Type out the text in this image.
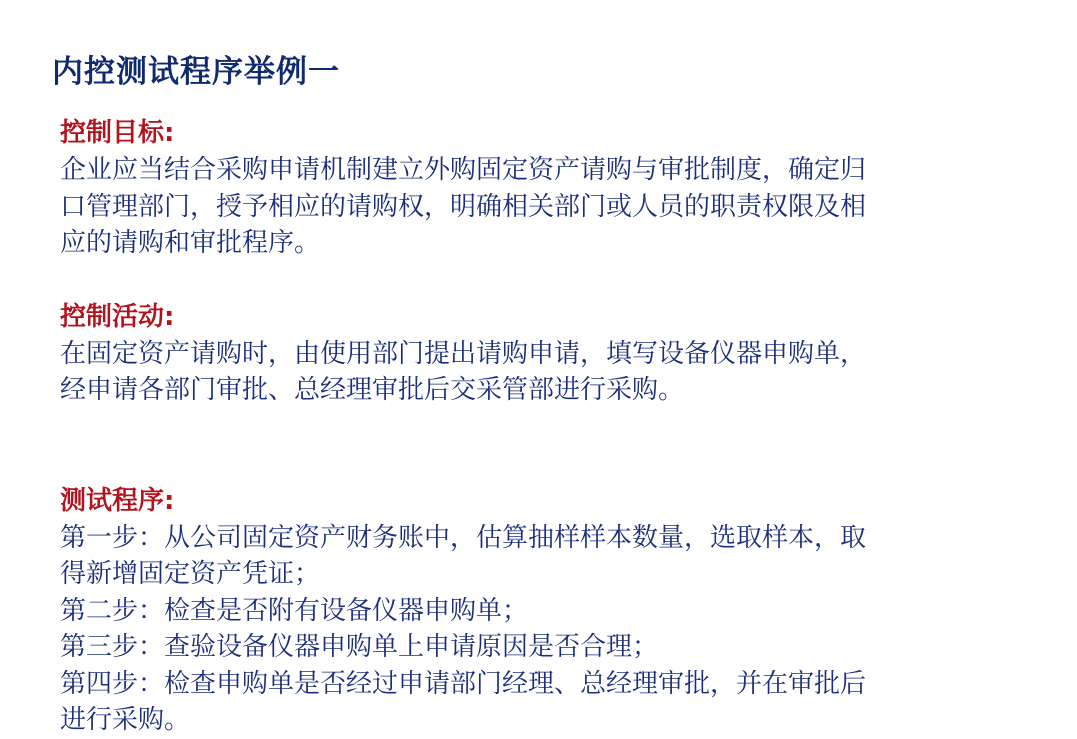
内控测试程序举例一
控制目标:
企业应当结合采购申请机制建立外购固定资产请购与审批制度，确定归
口管理部门，授予相应的请购权，明确相关部门或人员的职责权限及相
应的请购和审批程序。
控制活动:
在固定资产请购时，由使用部门提出请购申请，填写设备仪器申购单，
经申请各部门审批、总经理审批后交采管部进行采购。
测试程序:
第一步：从公司固定资产财务账中，估算抽样样本数量，选取样本，取
得新增固定资产凭证；
第二步：检查是否附有设备仪器申购单；
第三步：查验设备仪器申购单上申请原因是否合理；
第四步：检查申购单是否经过申请部门经理、总经理审批，并在审批后
进行采购。
